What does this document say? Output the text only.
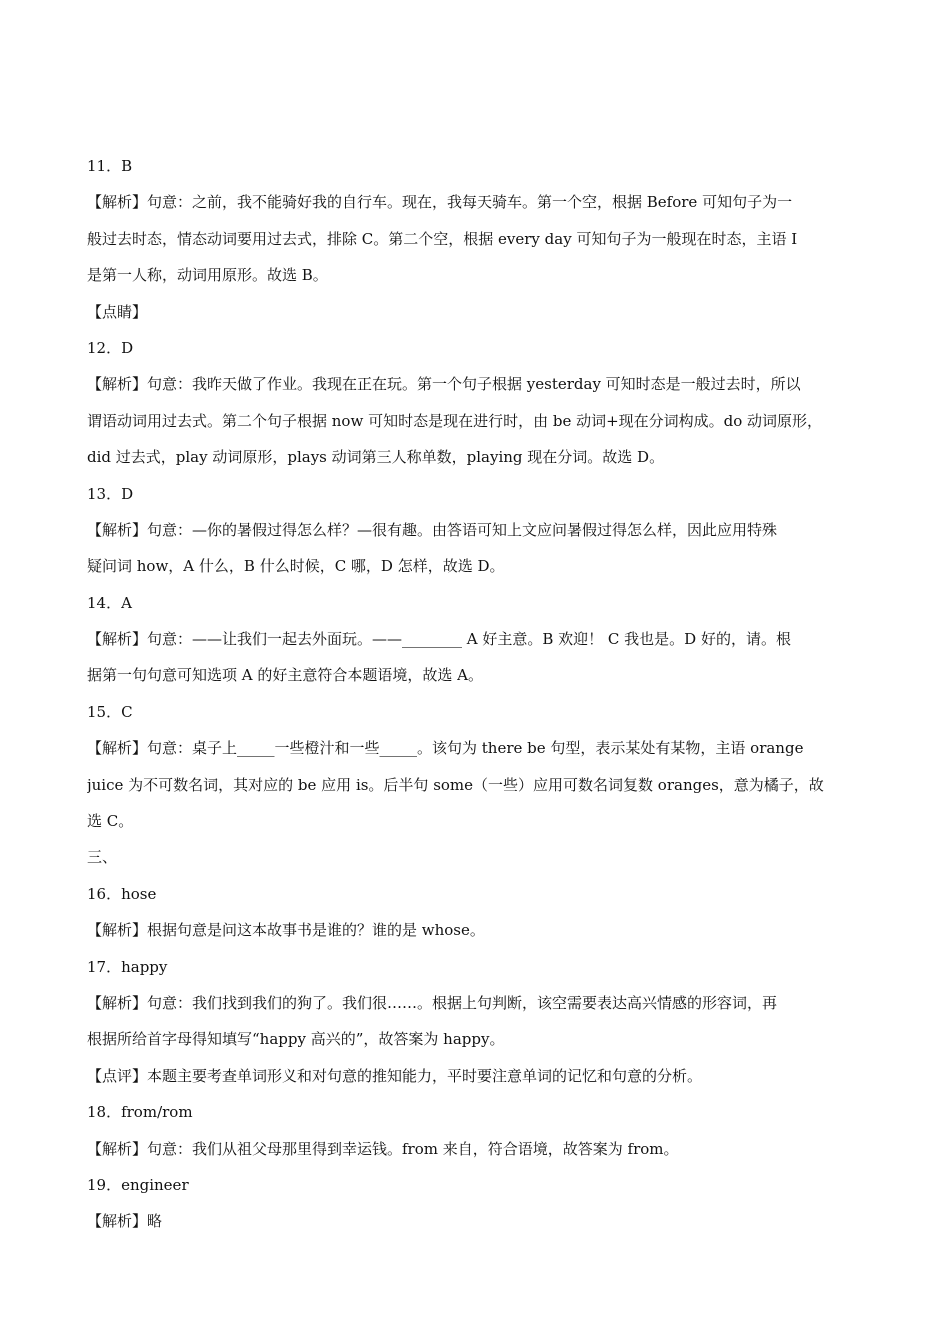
11．B
【解析】句意：之前，我不能骑好我的自行车。现在，我每天骑车。第一个空，根据 Before 可知句子为一
般过去时态，情态动词要用过去式，排除 C。第二个空，根据 every day 可知句子为一般现在时态，主语 I
是第一人称，动词用原形。故选 B。
【点睛】
12．D
【解析】句意：我昨天做了作业。我现在正在玩。第一个句子根据 yesterday 可知时态是一般过去时，所以
谓语动词用过去式。第二个句子根据 now 可知时态是现在进行时，由 be 动词+现在分词构成。do 动词原形，
did 过去式，play 动词原形，plays 动词第三人称单数，playing 现在分词。故选 D。
13．D
【解析】句意：—你的暑假过得怎么样？—很有趣。由答语可知上文应问暑假过得怎么样，因此应用特殊
疑问词 how，A 什么，B 什么时候，C 哪，D 怎样，故选 D。
14．A
【解析】句意：——让我们一起去外面玩。——________ A 好主意。B 欢迎！ C 我也是。D 好的，请。根
据第一句句意可知选项 A 的好主意符合本题语境，故选 A。
15．C
【解析】句意：桌子上_____一些橙汁和一些_____。该句为 there be 句型，表示某处有某物，主语 orange
juice 为不可数名词，其对应的 be 应用 is。后半句 some（一些）应用可数名词复数 oranges，意为橘子，故
选 C。
三、
16．hose
【解析】根据句意是问这本故事书是谁的？谁的是 whose。
17．happy
【解析】句意：我们找到我们的狗了。我们很……。根据上句判断，该空需要表达高兴情感的形容词，再
根据所给首字母得知填写“happy 高兴的”，故答案为 happy。
【点评】本题主要考查单词形义和对句意的推知能力，平时要注意单词的记忆和句意的分析。
18．from/rom
【解析】句意：我们从祖父母那里得到幸运钱。from 来自，符合语境，故答案为 from。
19．engineer
【解析】略
